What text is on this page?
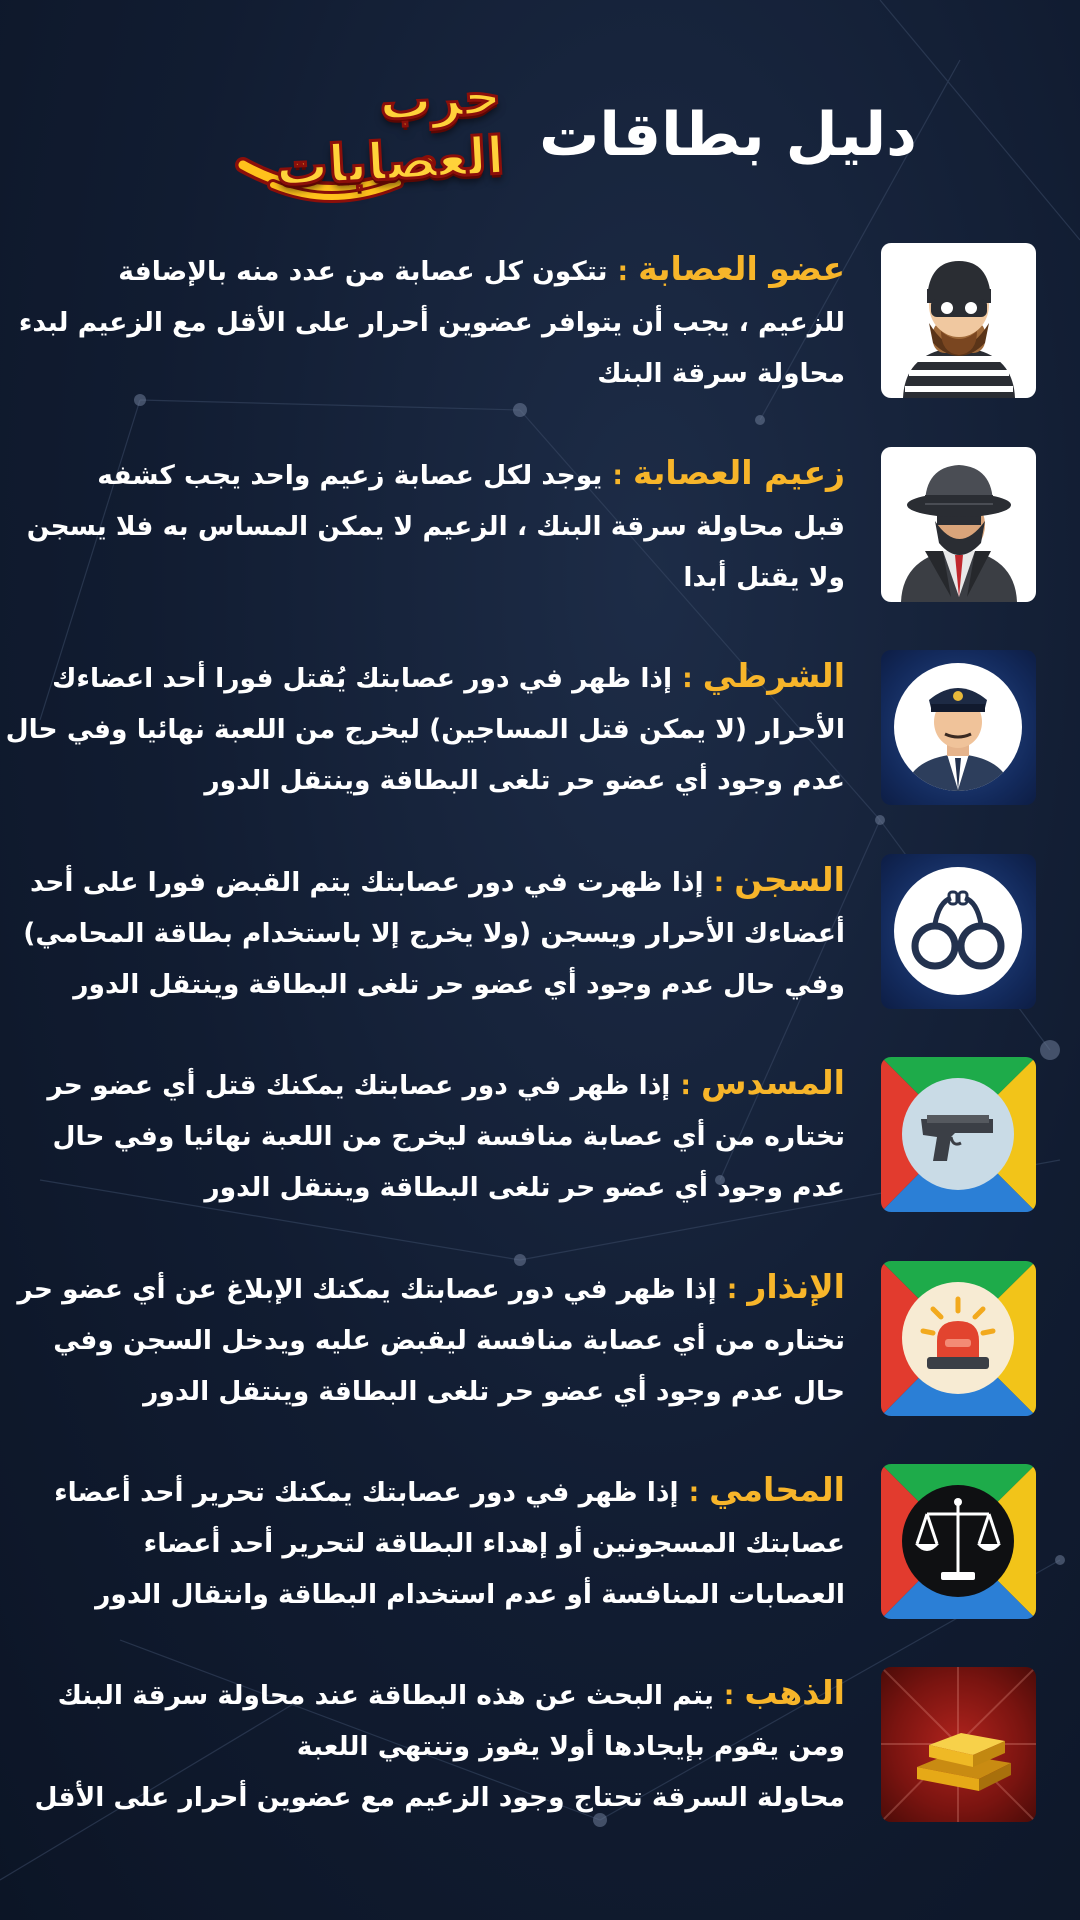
حرب العصابات دليل بطاقات
عضو العصابة:تتكون كل عصابة من عدد منه بالإضافة
للزعيم ، يجب أن يتوافر عضوين أحرار على الأقل مع الزعيم لبدء
محاولة سرقة البنك
زعيم العصابة:يوجد لكل عصابة زعيم واحد يجب كشفه
قبل محاولة سرقة البنك ، الزعيم لا يمكن المساس به فلا يسجن
ولا يقتل أبدا
الشرطي:إذا ظهر في دور عصابتك يُقتل فورا أحد اعضاءك
الأحرار (لا يمكن قتل المساجين) ليخرج من اللعبة نهائيا وفي حال
عدم وجود أي عضو حر تلغى البطاقة وينتقل الدور
السجن:إذا ظهرت في دور عصابتك يتم القبض فورا على أحد
أعضاءك الأحرار ويسجن (ولا يخرج إلا باستخدام بطاقة المحامي)
وفي حال عدم وجود أي عضو حر تلغى البطاقة وينتقل الدور
المسدس:إذا ظهر في دور عصابتك يمكنك قتل أي عضو حر
تختاره من أي عصابة منافسة ليخرج من اللعبة نهائيا وفي حال
عدم وجود أي عضو حر تلغى البطاقة وينتقل الدور
الإنذار:إذا ظهر في دور عصابتك يمكنك الإبلاغ عن أي عضو حر
تختاره من أي عصابة منافسة ليقبض عليه ويدخل السجن وفي
حال عدم وجود أي عضو حر تلغى البطاقة وينتقل الدور
المحامي:إذا ظهر في دور عصابتك يمكنك تحرير أحد أعضاء
عصابتك المسجونين أو إهداء البطاقة لتحرير أحد أعضاء
العصابات المنافسة أو عدم استخدام البطاقة وانتقال الدور
الذهب:يتم البحث عن هذه البطاقة عند محاولة سرقة البنك
ومن يقوم بإيجادها أولا يفوز وتنتهي اللعبة
محاولة السرقة تحتاج وجود الزعيم مع عضوين أحرار على الأقل
